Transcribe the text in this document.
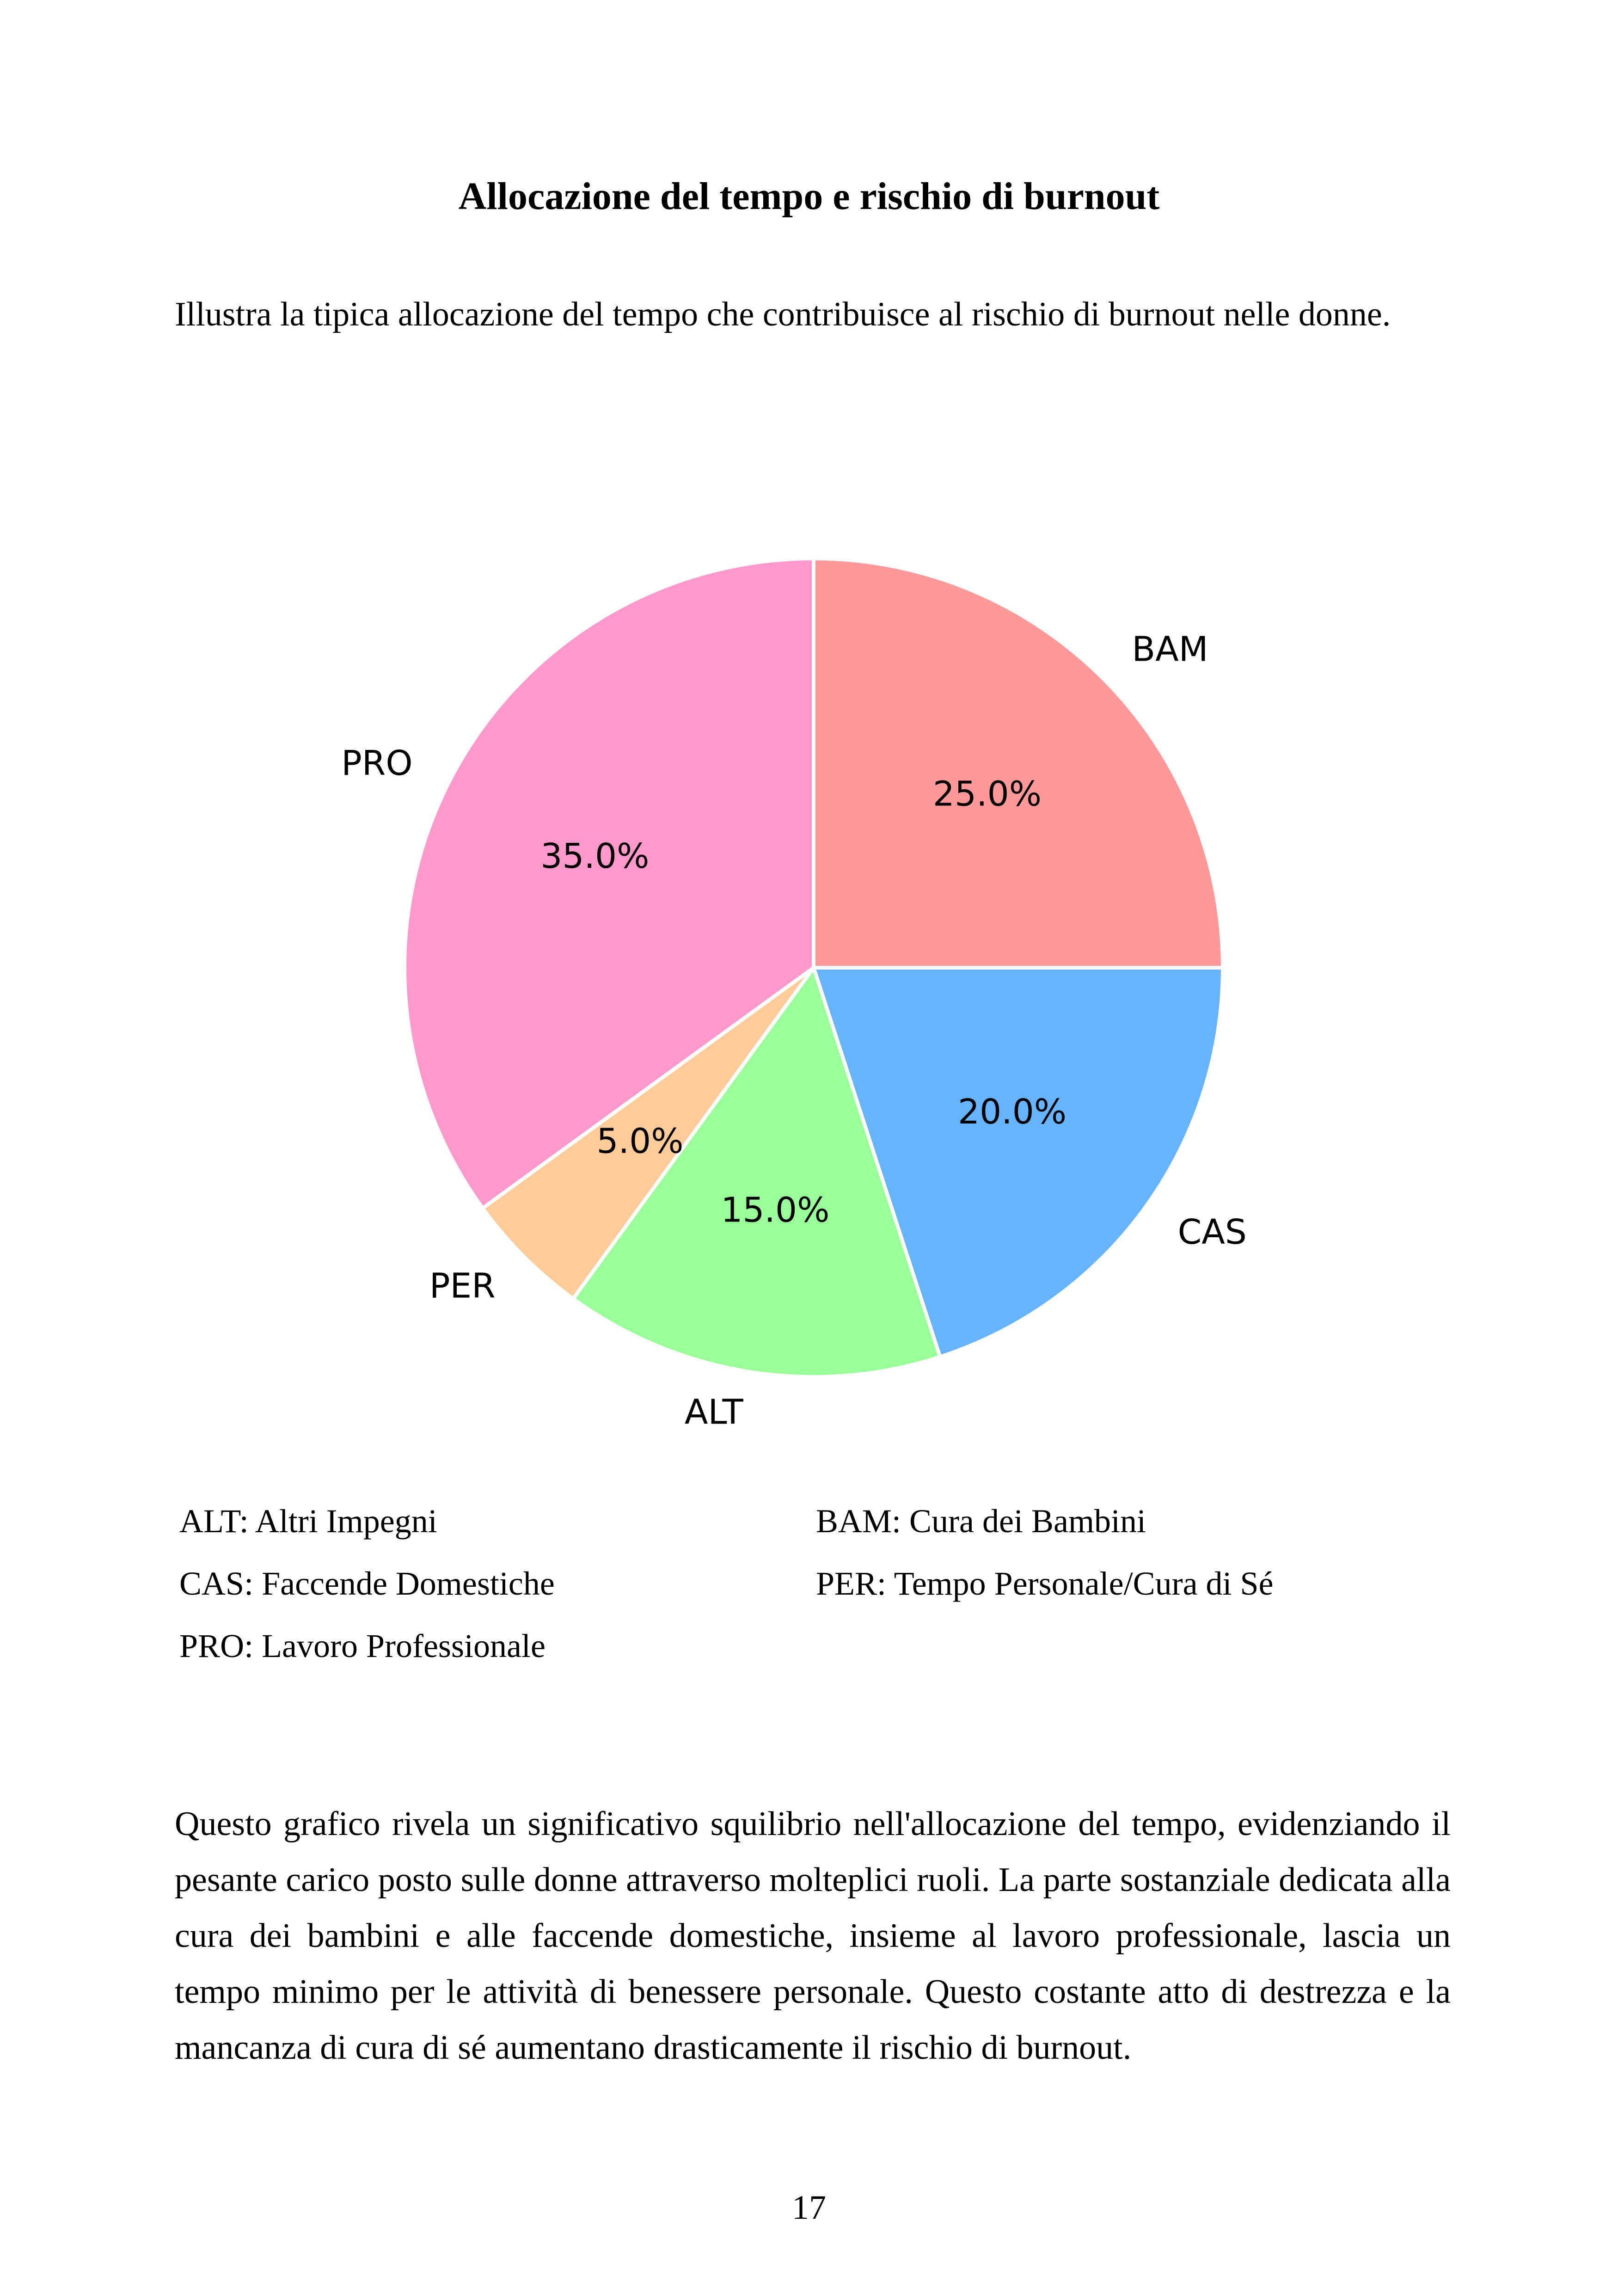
Allocazione del tempo e rischio di burnout

Illustra la tipica allocazione del tempo che contribuisce al rischio di burnout nelle donne.

25.0%
BAM
20.0%
CAS
15.0%
ALT
5.0%
PER
35.0%
PRO
ALT: Altri Impegni	BAM: Cura dei Bambini
CAS: Faccende Domestiche	PER: Tempo Personale/Cura di Sé
PRO: Lavoro Professionale

Questo grafico rivela un significativo squilibrio nell'allocazione del tempo, evidenziando il pesante carico posto sulle donne attraverso molteplici ruoli. La parte sostanziale dedicata alla cura dei bambini e alle faccende domestiche, insieme al lavoro professionale, lascia un tempo minimo per le attività di benessere personale. Questo costante atto di destrezza e la mancanza di cura di sé aumentano drasticamente il rischio di burnout.

17
